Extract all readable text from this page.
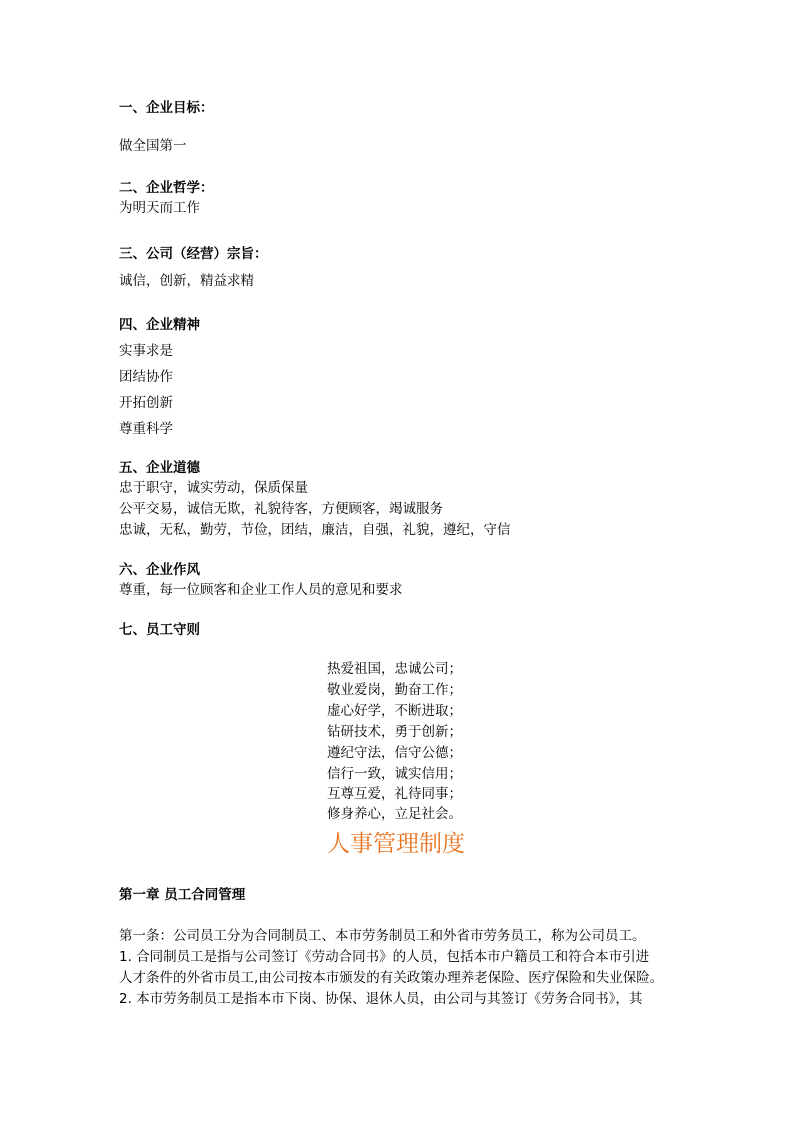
一、企业目标：
做全国第一
二、企业哲学：
为明天而工作
三、公司（经营）宗旨：
诚信，创新，精益求精
四、企业精神
实事求是
团结协作
开拓创新
尊重科学
五、企业道德
忠于职守，诚实劳动，保质保量
公平交易，诚信无欺，礼貌待客，方便顾客，竭诚服务
忠诚，无私，勤劳，节俭，团结，廉洁，自强，礼貌，遵纪，守信
六、企业作风
尊重，每一位顾客和企业工作人员的意见和要求
七、员工守则
热爱祖国，忠诚公司；
敬业爱岗，勤奋工作；
虚心好学，不断进取；
钻研技术，勇于创新；
遵纪守法，信守公德；
信行一致，诚实信用；
互尊互爱，礼待同事；
修身养心，立足社会。
人事管理制度
第一章 员工合同管理
第一条：公司员工分为合同制员工、本市劳务制员工和外省市劳务员工，称为公司员工。
1. 合同制员工是指与公司签订《劳动合同书》的人员，包括本市户籍员工和符合本市引进
人才条件的外省市员工,由公司按本市颁发的有关政策办理养老保险、医疗保险和失业保险。
2. 本市劳务制员工是指本市下岗、协保、退休人员，由公司与其签订《劳务合同书》，其
